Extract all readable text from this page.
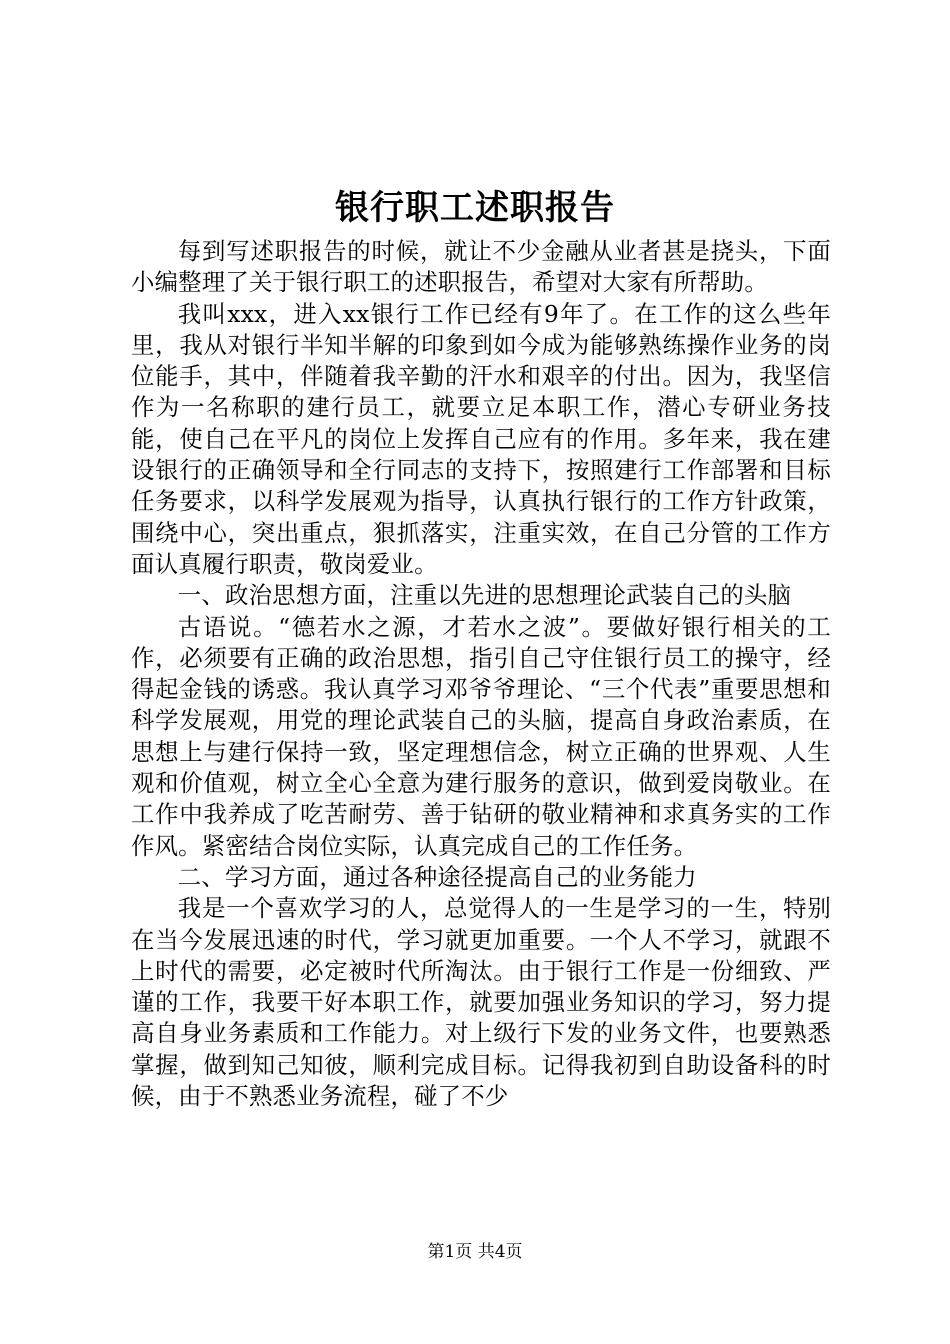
银行职工述职报告

每到写述职报告的时候，就让不少金融从业者甚是挠头，下面小编整理了关于银行职工的述职报告，希望对大家有所帮助。

我叫xxx，进入xx银行工作已经有9年了。在工作的这么些年里，我从对银行半知半解的印象到如今成为能够熟练操作业务的岗位能手，其中，伴随着我辛勤的汗水和艰辛的付出。因为，我坚信作为一名称职的建行员工，就要立足本职工作，潜心专研业务技能，使自己在平凡的岗位上发挥自己应有的作用。多年来，我在建设银行的正确领导和全行同志的支持下，按照建行工作部署和目标任务要求，以科学发展观为指导，认真执行银行的工作方针政策，围绕中心，突出重点，狠抓落实，注重实效，在自己分管的工作方面认真履行职责，敬岗爱业。

一、政治思想方面，注重以先进的思想理论武装自己的头脑

古语说。“德若水之源，才若水之波”。要做好银行相关的工作，必须要有正确的政治思想，指引自己守住银行员工的操守，经得起金钱的诱惑。我认真学习邓爷爷理论、“三个代表”重要思想和科学发展观，用党的理论武装自己的头脑，提高自身政治素质，在思想上与建行保持一致，坚定理想信念，树立正确的世界观、人生观和价值观，树立全心全意为建行服务的意识，做到爱岗敬业。在工作中我养成了吃苦耐劳、善于钻研的敬业精神和求真务实的工作作风。紧密结合岗位实际，认真完成自己的工作任务。

二、学习方面，通过各种途径提高自己的业务能力

我是一个喜欢学习的人，总觉得人的一生是学习的一生，特别在当今发展迅速的时代，学习就更加重要。一个人不学习，就跟不上时代的需要，必定被时代所淘汰。由于银行工作是一份细致、严谨的工作，我要干好本职工作，就要加强业务知识的学习，努力提高自身业务素质和工作能力。对上级行下发的业务文件，也要熟悉掌握，做到知己知彼，顺利完成目标。记得我初到自助设备科的时候，由于不熟悉业务流程，碰了不少

第1页 共4页
